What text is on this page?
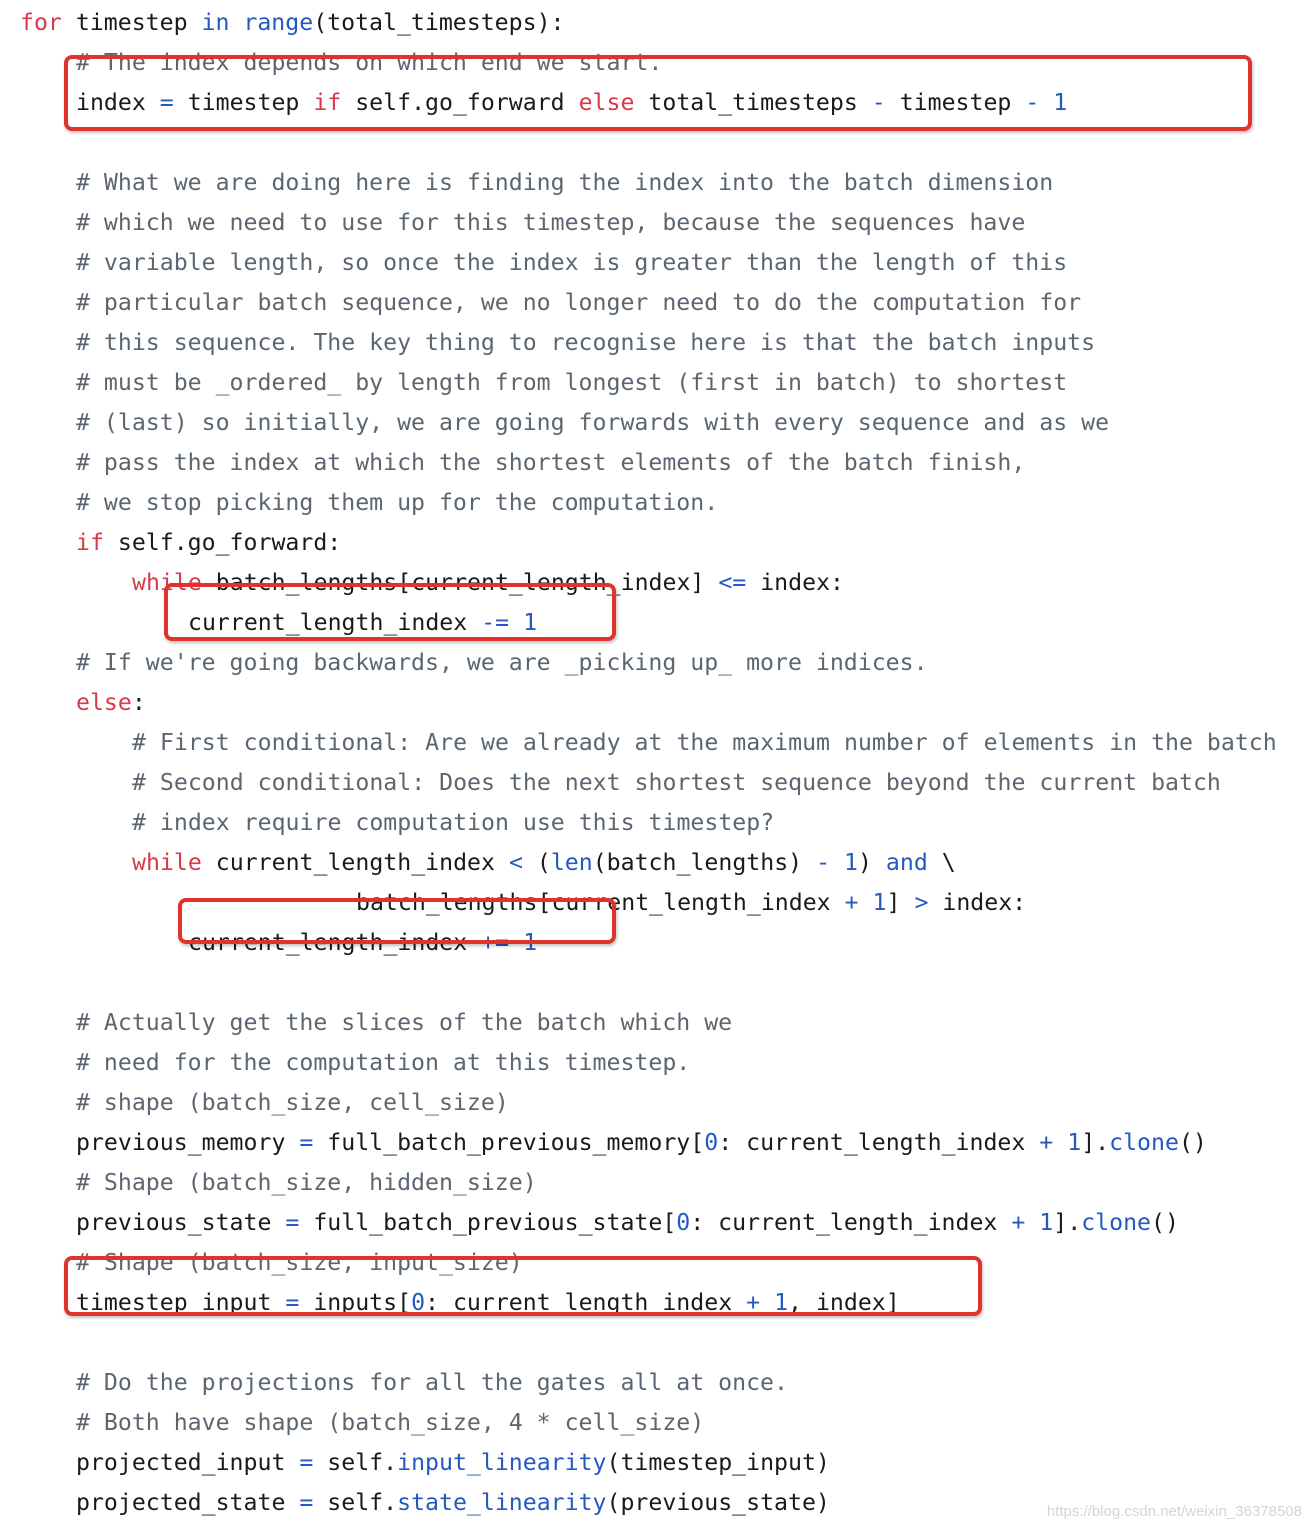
for timestep in range(total_timesteps):
# The index depends on which end we start.
index = timestep if self.go_forward else total_timesteps - timestep - 1
# What we are doing here is finding the index into the batch dimension
# which we need to use for this timestep, because the sequences have
# variable length, so once the index is greater than the length of this
# particular batch sequence, we no longer need to do the computation for
# this sequence. The key thing to recognise here is that the batch inputs
# must be _ordered_ by length from longest (first in batch) to shortest
# (last) so initially, we are going forwards with every sequence and as we
# pass the index at which the shortest elements of the batch finish,
# we stop picking them up for the computation.
if self.go_forward:
while batch_lengths[current_length_index] <= index:
current_length_index -= 1
# If we're going backwards, we are _picking up_ more indices.
else:
# First conditional: Are we already at the maximum number of elements in the batch
# Second conditional: Does the next shortest sequence beyond the current batch
# index require computation use this timestep?
while current_length_index < (len(batch_lengths) - 1) and \
batch_lengths[current_length_index + 1] > index:
current_length_index += 1
# Actually get the slices of the batch which we
# need for the computation at this timestep.
# shape (batch_size, cell_size)
previous_memory = full_batch_previous_memory[0: current_length_index + 1].clone()
# Shape (batch_size, hidden_size)
previous_state = full_batch_previous_state[0: current_length_index + 1].clone()
# Shape (batch_size, input_size)
timestep_input = inputs[0: current_length_index + 1, index]
# Do the projections for all the gates all at once.
# Both have shape (batch_size, 4 * cell_size)
projected_input = self.input_linearity(timestep_input)
projected_state = self.state_linearity(previous_state)	https://blog.csdn.net/weixin_36378508
